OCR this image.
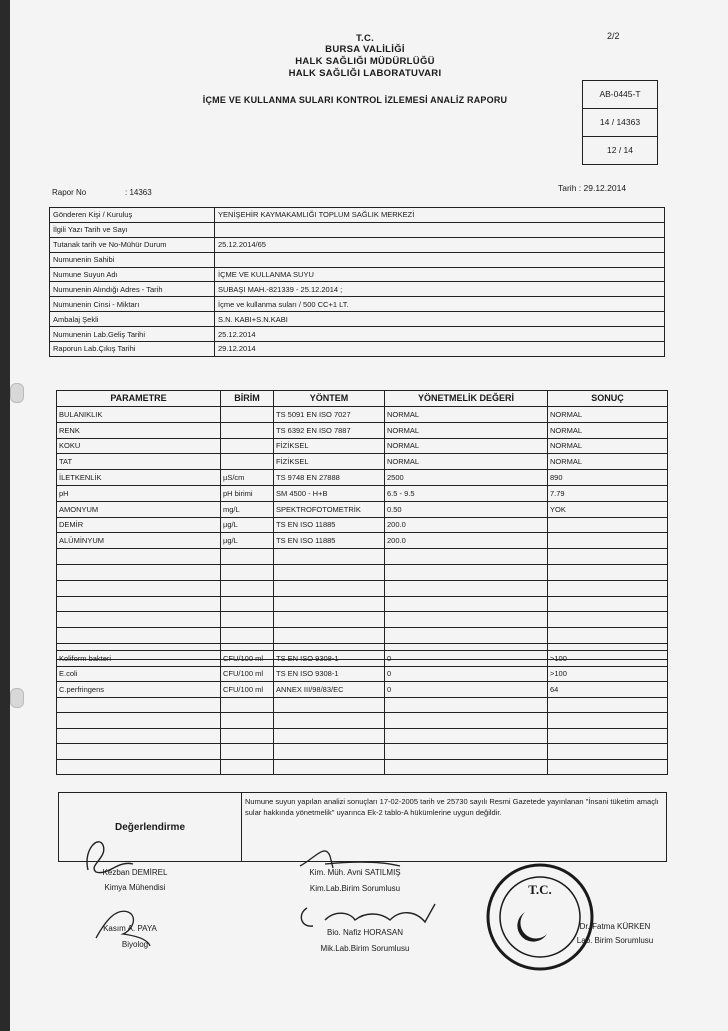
2/2
T.C.
BURSA VALİLİĞİ
HALK SAĞLIĞI MÜDÜRLÜĞÜ
HALK SAĞLIĞI LABORATUVARI
İÇME VE KULLANMA SULARI KONTROL İZLEMESİ ANALİZ RAPORU
AB-0445-T
14 / 14363
12 / 14
Rapor No	: 14363	Tarih : 29.12.2014
Gönderen Kişi / Kuruluş	YENİŞEHİR KAYMAKAMLIĞI TOPLUM SAĞLIK MERKEZİ
İlgili Yazı Tarih ve Sayı	
Tutanak tarih ve No-Mühür Durum	25.12.2014/65
Numunenin Sahibi	
Numune Suyun Adı	İÇME VE KULLANMA SUYU
Numunenin Alındığı Adres - Tarih	SUBAŞI MAH.-821339 - 25.12.2014 ;
Numunenin Cinsi - Miktarı	İçme ve kullanma suları / 500 CC+1 LT.
Ambalaj Şekli	S.N. KABI+S.N.KABI
Numunenin Lab.Geliş Tarihi	25.12.2014
Raporun Lab.Çıkış Tarihi	29.12.2014
PARAMETRE	BİRİM	YÖNTEM	YÖNETMELİK DEĞERİ	SONUÇ
BULANIKLIK		TS 5091 EN ISO 7027	NORMAL	NORMAL
RENK		TS 6392 EN ISO 7887	NORMAL	NORMAL
KOKU		FİZİKSEL	NORMAL	NORMAL
TAT		FİZİKSEL	NORMAL	NORMAL
İLETKENLİK	µS/cm	TS 9748 EN 27888	2500	890
pH	pH birimi	SM 4500 - H+B	6.5 - 9.5	7.79
AMONYUM	mg/L	SPEKTROFOTOMETRİK	0.50	YOK
DEMİR	µg/L	TS EN ISO 11885	200.0	
ALÜMİNYUM	µg/L	TS EN ISO 11885	200.0	

Koliform bakteri	CFU/100 ml	TS EN ISO 9308-1	0	>100
E.coli	CFU/100 ml	TS EN ISO 9308-1	0	>100
C.perfringens	CFU/100 ml	ANNEX III/98/83/EC	0	64

Değerlendirme
Numune suyun yapılan analizi sonuçları 17-02-2005 tarih ve 25730 sayılı Resmi Gazetede yayınlanan "İnsani tüketim amaçlı sular hakkında yönetmelik" uyarınca Ek-2 tablo-A hükümlerine uygun değildir.
Kezban DEMİREL
Kimya Mühendisi
Kim. Müh. Avni SATILMIŞ
Kim.Lab.Birim Sorumlusu
Kasım A. PAYA
Biyolog
Bio. Nafiz HORASAN
Mik.Lab.Birim Sorumlusu
T.C.
Dr. Fatma KÜRKEN
Lab. Birim Sorumlusu
